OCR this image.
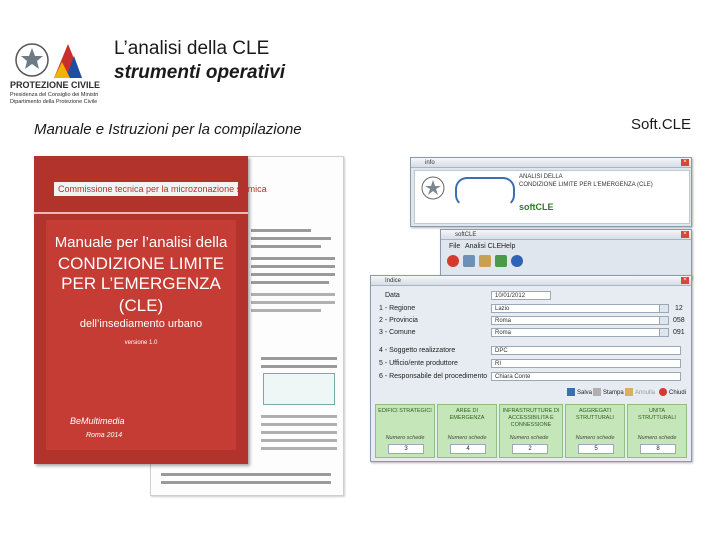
PROTEZIONE CIVILE
Presidenza del Consiglio dei Ministri
Dipartimento della Protezione Civile
L’analisi della CLE
strumenti operativi
Manuale e Istruzioni per la compilazione	Soft.CLE
Commissione tecnica per la microzonazione sismica
Manuale per l’analisi della
CONDIZIONE LIMITE
PER L’EMERGENZA
(CLE)
dell’insediamento urbano
versione 1.0
BeMultimedia
Roma 2014
info	×
ANALISI DELLA
CONDIZIONE LIMITE PER L’EMERGENZA (CLE)
softCLE
softCLE	×
File Analisi CLE Help
Indice	×
Data	10/01/2012
1 - Regione	Lazio	12
2 - Provincia	Roma	058
3 - Comune	Roma	091
4 - Soggetto realizzatore	DPC
5 - Ufficio/ente produttore	RI
6 - Responsabile del procedimento	Chiara Conte
Salva	Stampa	Annulla	Chiudi
EDIFICI STRATEGICI
Numero schede
3
AREE DI EMERGENZA
Numero schede
4
INFRASTRUTTURE DI ACCESSIBILITA E CONNESSIONE
Numero schede
2
AGGREGATI STRUTTURALI
Numero schede
5
UNITA STRUTTURALI
Numero schede
8
